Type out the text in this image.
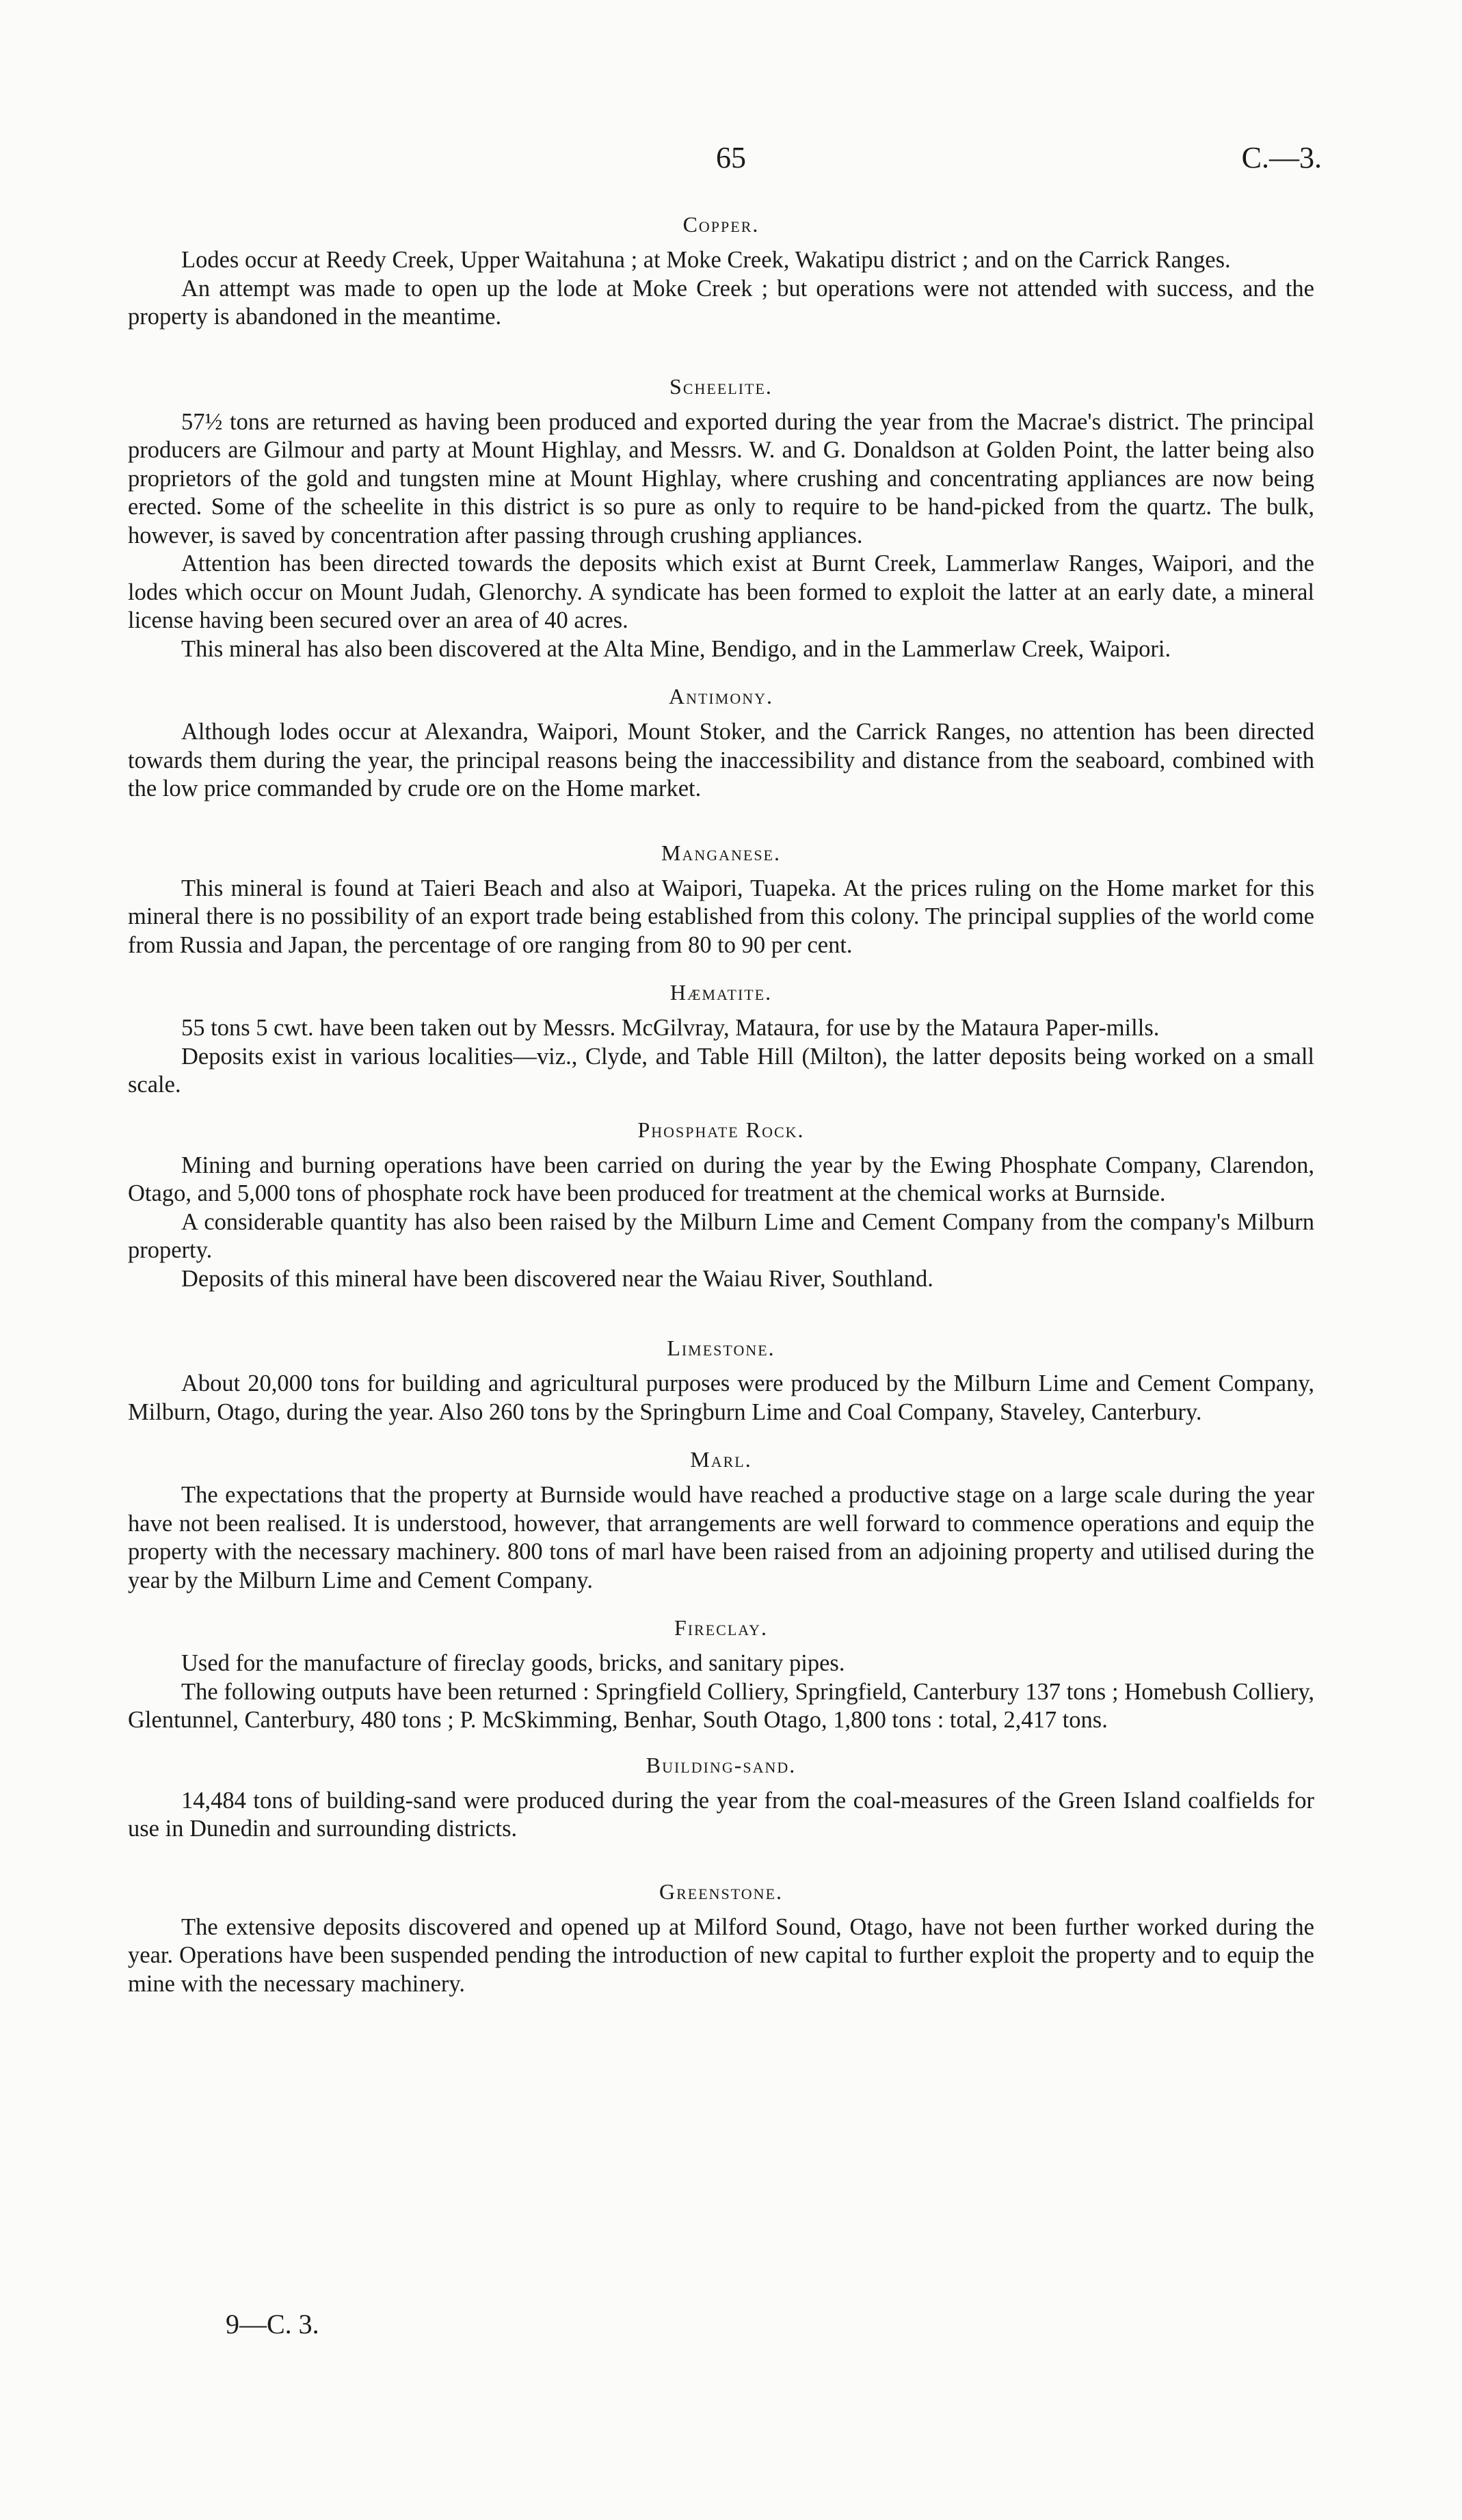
65	C.—3.
Copper.

Lodes occur at Reedy Creek, Upper Waitahuna ; at Moke Creek, Wakatipu district ; and on the Carrick Ranges.

An attempt was made to open up the lode at Moke Creek ; but operations were not attended with success, and the property is abandoned in the meantime.

Scheelite.

57½ tons are returned as having been produced and exported during the year from the Macrae's district. The principal producers are Gilmour and party at Mount Highlay, and Messrs. W. and G. Donaldson at Golden Point, the latter being also proprietors of the gold and tungsten mine at Mount Highlay, where crushing and concentrating appliances are now being erected. Some of the scheelite in this district is so pure as only to require to be hand-picked from the quartz. The bulk, however, is saved by concentration after passing through crushing appliances.

Attention has been directed towards the deposits which exist at Burnt Creek, Lammerlaw Ranges, Waipori, and the lodes which occur on Mount Judah, Glenorchy. A syndicate has been formed to exploit the latter at an early date, a mineral license having been secured over an area of 40 acres.

This mineral has also been discovered at the Alta Mine, Bendigo, and in the Lammerlaw Creek, Waipori.

Antimony.

Although lodes occur at Alexandra, Waipori, Mount Stoker, and the Carrick Ranges, no attention has been directed towards them during the year, the principal reasons being the inaccessibility and distance from the seaboard, combined with the low price commanded by crude ore on the Home market.

Manganese.

This mineral is found at Taieri Beach and also at Waipori, Tuapeka. At the prices ruling on the Home market for this mineral there is no possibility of an export trade being established from this colony. The principal supplies of the world come from Russia and Japan, the percentage of ore ranging from 80 to 90 per cent.

Hæmatite.

55 tons 5 cwt. have been taken out by Messrs. McGilvray, Mataura, for use by the Mataura Paper-mills.

Deposits exist in various localities—viz., Clyde, and Table Hill (Milton), the latter deposits being worked on a small scale.

Phosphate Rock.

Mining and burning operations have been carried on during the year by the Ewing Phosphate Company, Clarendon, Otago, and 5,000 tons of phosphate rock have been produced for treatment at the chemical works at Burnside.

A considerable quantity has also been raised by the Milburn Lime and Cement Company from the company's Milburn property.

Deposits of this mineral have been discovered near the Waiau River, Southland.

Limestone.

About 20,000 tons for building and agricultural purposes were produced by the Milburn Lime and Cement Company, Milburn, Otago, during the year. Also 260 tons by the Springburn Lime and Coal Company, Staveley, Canterbury.

Marl.

The expectations that the property at Burnside would have reached a productive stage on a large scale during the year have not been realised. It is understood, however, that arrangements are well forward to commence operations and equip the property with the necessary machinery. 800 tons of marl have been raised from an adjoining property and utilised during the year by the Milburn Lime and Cement Company.

Fireclay.

Used for the manufacture of fireclay goods, bricks, and sanitary pipes.

The following outputs have been returned : Springfield Colliery, Springfield, Canterbury 137 tons ; Homebush Colliery, Glentunnel, Canterbury, 480 tons ; P. McSkimming, Benhar, South Otago, 1,800 tons : total, 2,417 tons.

Building-sand.

14,484 tons of building-sand were produced during the year from the coal-measures of the Green Island coalfields for use in Dunedin and surrounding districts.

Greenstone.

The extensive deposits discovered and opened up at Milford Sound, Otago, have not been further worked during the year. Operations have been suspended pending the introduction of new capital to further exploit the property and to equip the mine with the necessary machinery.

9—C. 3.
